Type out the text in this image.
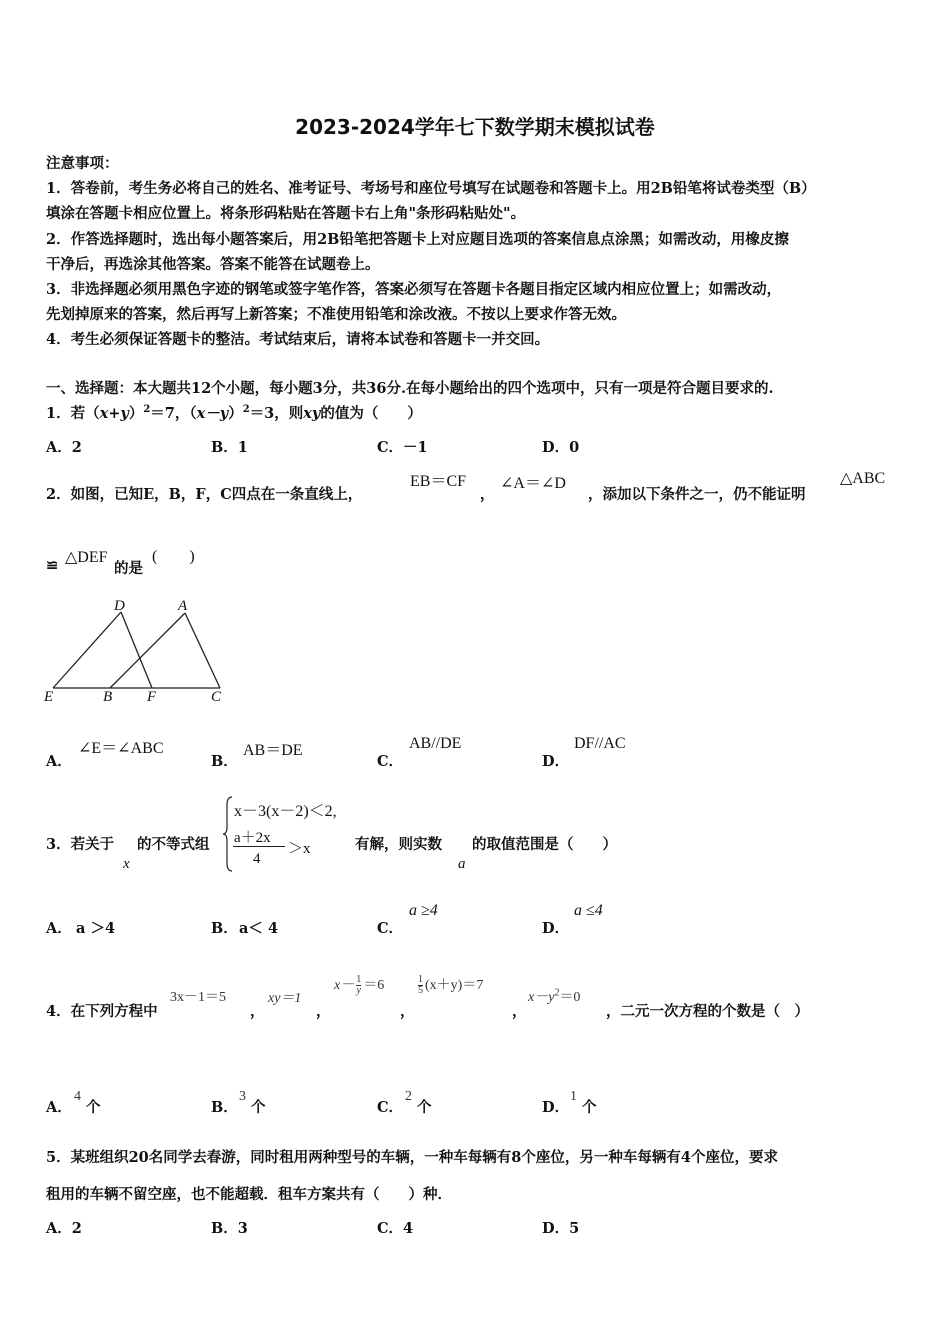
2023-2024学年七下数学期末模拟试卷
注意事项：
1．答卷前，考生务必将自己的姓名、准考证号、考场号和座位号填写在试题卷和答题卡上。用2B铅笔将试卷类型（B）
填涂在答题卡相应位置上。将条形码粘贴在答题卡右上角"条形码粘贴处"。
2．作答选择题时，选出每小题答案后，用2B铅笔把答题卡上对应题目选项的答案信息点涂黑；如需改动，用橡皮擦
干净后，再选涂其他答案。答案不能答在试题卷上。
3．非选择题必须用黑色字迹的钢笔或签字笔作答，答案必须写在答题卡各题目指定区域内相应位置上；如需改动，
先划掉原来的答案，然后再写上新答案；不准使用铅笔和涂改液。不按以上要求作答无效。
4．考生必须保证答题卡的整洁。考试结束后，请将本试卷和答题卡一并交回。
一、选择题：本大题共12个小题，每小题3分，共36分.在每小题给出的四个选项中，只有一项是符合题目要求的.
1．若$(x+y)^2=7$，$(x-y)^2=3$，则xy的值为（　　）
A．2	B．1	C．－1	D．0
2．如图，已知E，B，F，C四点在一条直线上，
EB＝CF
，
∠A＝∠D
，添加以下条件之一，仍不能证明
△ABC
≌ △DEF
的是
(　　)
D	A
E	B F	C
A．
∠E＝∠ABC
B．
AB＝DE
C．
AB//DE
D．
DF//AC
3．若关于
x
的不等式组
x－3(x－2)＜2,
a＋2x
4
＞x	有解，则实数
a
的取值范围是（　　）
A． a ＞4	B． a＜ 4	C．
a ≥4
D．
a ≤4
4．在下列方程中
3x－1＝5
，
xy＝1
，
$x- \frac{1}{y} =6$
，
$\frac{1}{5} (x+y)=7$
，
$x-y^2=0$
，二元一次方程的个数是（　）
A．
4
个	B．
3
个	C．
2
个	D．
1
个
5．某班组织20名同学去春游，同时租用两种型号的车辆，一种车每辆有8个座位，另一种车每辆有4个座位，要求
租用的车辆不留空座，也不能超载．租车方案共有（　　）种．
A．2	B．3	C．4	D．5
